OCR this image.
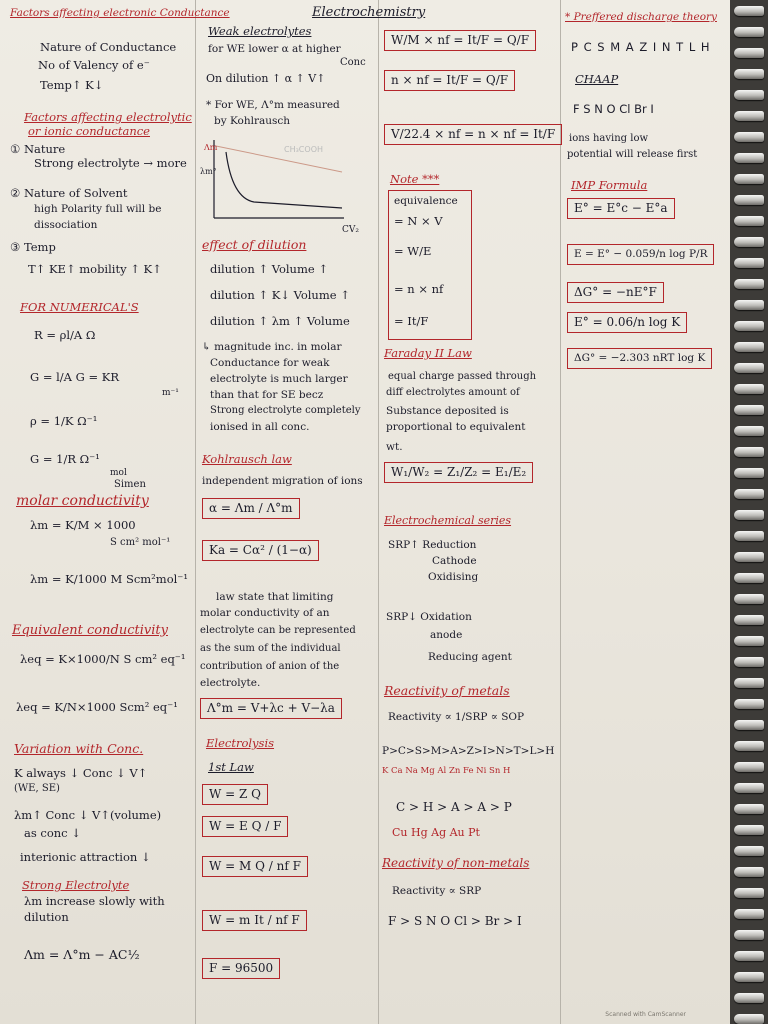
Factors affecting electronic Conductance
Nature of Conductance
No of Valency of e⁻
Temp↑ K↓
Factors affecting electrolytic
or ionic conductance
① Nature
Strong electrolyte → more
② Nature of Solvent
high Polarity full will be
dissociation
③ Temp
T↑ KE↑ mobility ↑ K↑
FOR NUMERICAL'S
R = ρl/A Ω
G = l/A G = KR
m⁻¹
ρ = 1/K Ω⁻¹
G = 1/R Ω⁻¹
mol
Simen
molar conductivity
λm = K/M × 1000
S cm² mol⁻¹
λm = K/1000 M Scm²mol⁻¹
Equivalent conductivity
λeq = K×1000/N S cm² eq⁻¹
λeq = K/N×1000 Scm² eq⁻¹
Variation with Conc.
K always ↓ Conc ↓ V↑
(WE, SE)
λm↑ Conc ↓ V↑(volume)
as conc ↓
interionic attraction ↓
Strong Electrolyte
λm increase slowly with
dilution
Λm = Λ°m − AC½
Electrochemistry
Weak electrolytes
for WE lower α at higher
Conc
On dilution ↑ α ↑ V↑
* For WE, Λ°m measured
by Kohlrausch
Λm
λm°
CH₃COOH
CV₂
effect of dilution
dilution ↑ Volume ↑
dilution ↑ K↓ Volume ↑
dilution ↑ λm ↑ Volume
↳ magnitude inc. in molar
Conductance for weak
electrolyte is much larger
than that for SE becz
Strong electrolyte completely
ionised in all conc.
Kohlrausch law
independent migration of ions
α = Λm / Λ°m
Ka = Cα² / (1−α)
law state that limiting
molar conductivity of an
electrolyte can be represented
as the sum of the individual
contribution of anion of the
electrolyte.
Λ°m = V+λc + V−λa
Electrolysis
1st Law
W = Z Q
W = E Q / F
W = M Q / nf F
W = m It / nf F
F = 96500
W/M × nf = It/F = Q/F
n × nf = It/F = Q/F
V/22.4 × nf = n × nf = It/F
Note ***
equivalence
= N × V
= W/E
= n × nf
= It/F
Faraday II Law
equal charge passed through
diff electrolytes amount of
Substance deposited is
proportional to equivalent
wt.
W₁/W₂ = Z₁/Z₂ = E₁/E₂
Electrochemical series
SRP↑ Reduction
Cathode
Oxidising
SRP↓ Oxidation
anode
Reducing agent
Reactivity of metals
Reactivity ∝ 1/SRP ∝ SOP
P>C>S>M>A>Z>I>N>T>L>H
K Ca Na Mg Al Zn Fe Ni Sn H
C > H > A > A > P
Cu Hg Ag Au Pt
Reactivity of non-metals
Reactivity ∝ SRP
F > S N O Cl > Br > I
* Preffered discharge theory
P C S M A Z I N T L H
CHAAP
F S N O Cl Br I
ions having low
potential will release first
IMP Formula
E° = E°c − E°a
E = E° − 0.059/n log P/R
ΔG° = −nE°F
E° = 0.06/n log K
ΔG° = −2.303 nRT log K
Scanned with CamScanner
